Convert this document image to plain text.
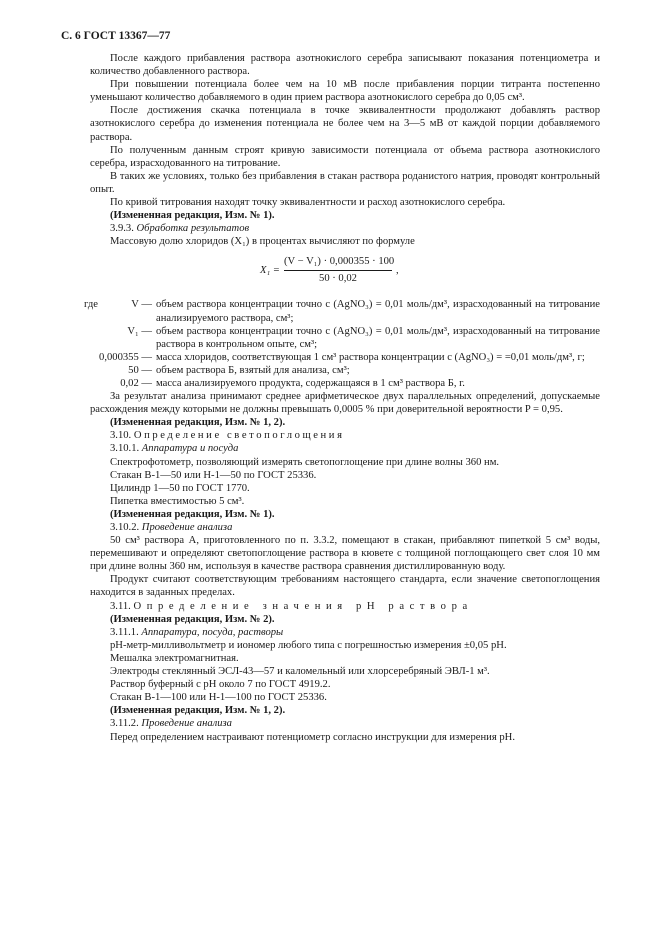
С. 6 ГОСТ 13367—77

После каждого прибавления раствора азотнокислого серебра записывают показания потенциометра и количество добавленного раствора.

При повышении потенциала более чем на 10 мВ после прибавления порции титранта постепенно уменьшают количество добавляемого в один прием раствора азотнокислого серебра до 0,05 см³.

После достижения скачка потенциала в точке эквивалентности продолжают добавлять раствор азотнокислого серебра до изменения потенциала не более чем на 3—5 мВ от каждой порции добавляемого раствора.

По полученным данным строят кривую зависимости потенциала от объема раствора азотнокислого серебра, израсходованного на титрование.

В таких же условиях, только без прибавления в стакан раствора роданистого натрия, проводят контрольный опыт.

По кривой титрования находят точку эквивалентности и расход азотнокислого серебра.

(Измененная редакция, Изм. № 1).

3.9.3. Обработка результатов

Массовую долю хлоридов (X₁) в процентах вычисляют по формуле

$X_1 = \frac{\text{(V − V₁) · 0,000355 · 100}}{50 \cdot 0,02}$ ,
где	V — объем раствора концентрации точно c (AgNO₃) = 0,01 моль/дм³, израсходованный на титрование анализируемого раствора, см³;
V₁ — объем раствора концентрации точно c (AgNO₃) = 0,01 моль/дм³, израсходованный на титрование раствора в контрольном опыте, см³;
0,000355 — масса хлоридов, соответствующая 1 см³ раствора концентрации c (AgNO₃) = =0,01 моль/дм³, г;
50 — объем раствора Б, взятый для анализа, см³;
0,02 — масса анализируемого продукта, содержащаяся в 1 см³ раствора Б, г.

За результат анализа принимают среднее арифметическое двух параллельных определений, допускаемые расхождения между которыми не должны превышать 0,0005 % при доверительной вероятности P = 0,95.

(Измененная редакция, Изм. № 1, 2).

3.10. Определение светопоглощения

3.10.1. Аппаратура и посуда

Спектрофотометр, позволяющий измерять светопоглощение при длине волны 360 нм.

Стакан В-1—50 или Н-1—50 по ГОСТ 25336.

Цилиндр 1—50 по ГОСТ 1770.

Пипетка вместимостью 5 см³.

(Измененная редакция, Изм. № 1).

3.10.2. Проведение анализа

50 см³ раствора А, приготовленного по п. 3.3.2, помещают в стакан, прибавляют пипеткой 5 см³ воды, перемешивают и определяют светопоглощение раствора в кювете с толщиной поглощающего свет слоя 10 мм при длине волны 360 нм, используя в качестве раствора сравнения дистиллированную воду.

Продукт считают соответствующим требованиям настоящего стандарта, если значение светопоглощения находится в заданных пределах.

3.11. Определение значения pH раствора

(Измененная редакция, Изм. № 2).

3.11.1. Аппаратура, посуда, растворы

pH-метр-милливольтметр и иономер любого типа с погрешностью измерения ±0,05 pH.

Мешалка электромагнитная.

Электроды стеклянный ЭСЛ-43—57 и каломельный или хлорсеребряный ЭВЛ-1 м³.

Раствор буферный с pH около 7 по ГОСТ 4919.2.

Стакан В-1—100 или Н-1—100 по ГОСТ 25336.

(Измененная редакция, Изм. № 1, 2).

3.11.2. Проведение анализа

Перед определением настраивают потенциометр согласно инструкции для измерения pH.
